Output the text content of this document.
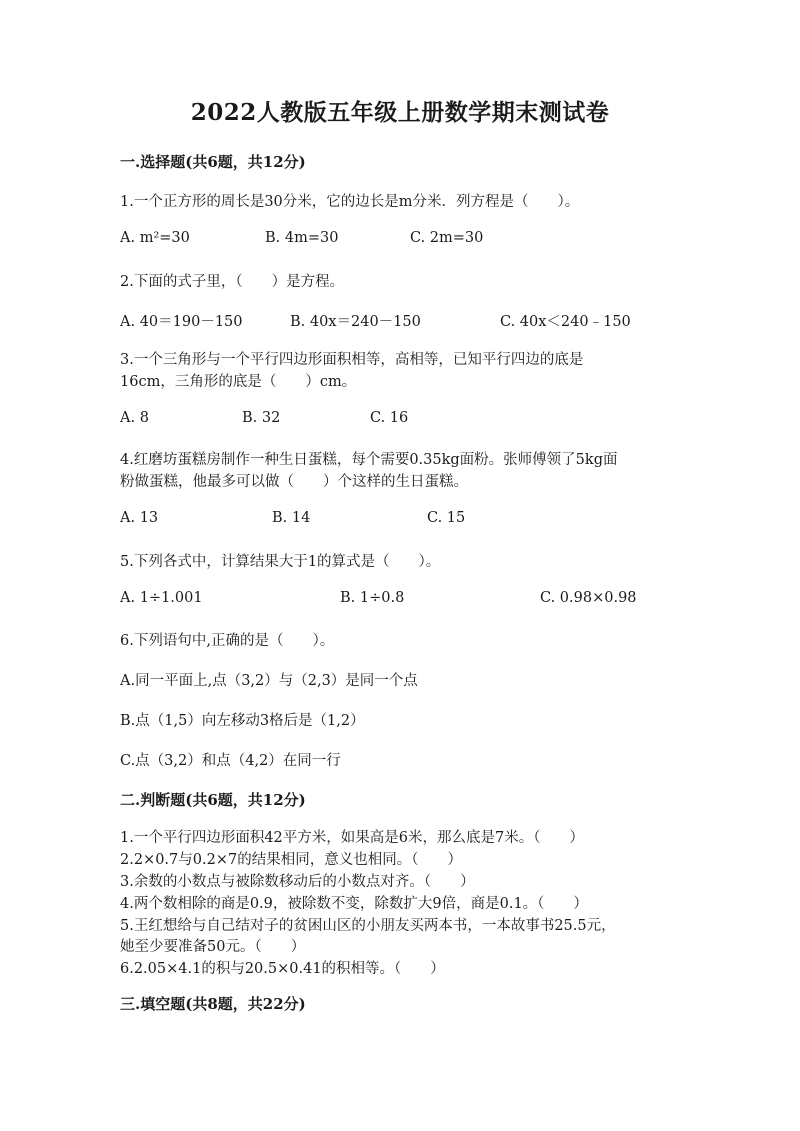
2022人教版五年级上册数学期末测试卷
一.选择题(共6题，共12分)
1.一个正方形的周长是30分米，它的边长是m分米．列方程是（　　）。
A. m²=30	B. 4m=30	C. 2m=30
2.下面的式子里，（　　）是方程。
A. 40＝190－150	B. 40x＝240－150	C. 40x＜240﹣150
3.一个三角形与一个平行四边形面积相等，高相等，已知平行四边的底是
16cm，三角形的底是（　　）cm。
A. 8	B. 32	C. 16
4.红磨坊蛋糕房制作一种生日蛋糕，每个需要0.35kg面粉。张师傅领了5kg面
粉做蛋糕，他最多可以做（　　）个这样的生日蛋糕。
A. 13	B. 14	C. 15
5.下列各式中，计算结果大于1的算式是（　　）。
A. 1÷1.001	B. 1÷0.8	C. 0.98×0.98
6.下列语句中,正确的是（　　）。
A.同一平面上,点（3,2）与（2,3）是同一个点
B.点（1,5）向左移动3格后是（1,2）
C.点（3,2）和点（4,2）在同一行
二.判断题(共6题，共12分)
1.一个平行四边形面积42平方米，如果高是6米，那么底是7米。（　　）
2.2×0.7与0.2×7的结果相同，意义也相同。（　　）
3.余数的小数点与被除数移动后的小数点对齐。（　　）
4.两个数相除的商是0.9，被除数不变，除数扩大9倍，商是0.1。（　　）
5.王红想给与自己结对子的贫困山区的小朋友买两本书，一本故事书25.5元，
她至少要准备50元。（　　）
6.2.05×4.1的积与20.5×0.41的积相等。（　　）
三.填空题(共8题，共22分)
